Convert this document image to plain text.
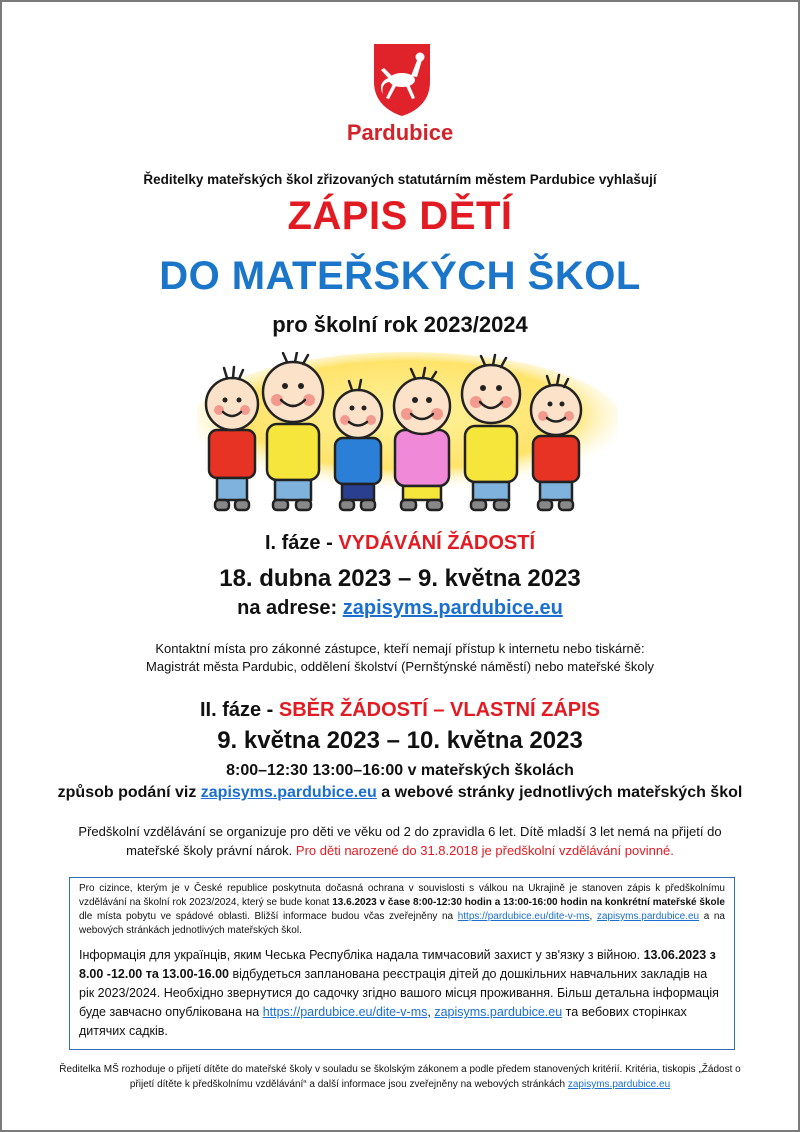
Pardubice
Ředitelky mateřských škol zřizovaných statutárním městem Pardubice vyhlašují
ZÁPIS DĚTÍ
DO MATEŘSKÝCH ŠKOL
pro školní rok 2023/2024
I. fáze - VYDÁVÁNÍ ŽÁDOSTÍ
18. dubna 2023 – 9. května 2023
na adrese: zapisyms.pardubice.eu
Kontaktní místa pro zákonné zástupce, kteří nemají přístup k internetu nebo tiskárně:
Magistrát města Pardubic, oddělení školství (Pernštýnské náměstí) nebo mateřské školy
II. fáze - SBĚR ŽÁDOSTÍ – VLASTNÍ ZÁPIS
9. května 2023 – 10. května 2023
8:00–12:30 13:00–16:00 v mateřských školách
způsob podání viz zapisyms.pardubice.eu a webové stránky jednotlivých mateřských škol
Předškolní vzdělávání se organizuje pro děti ve věku od 2 do zpravidla 6 let. Dítě mladší 3 let nemá na přijetí do mateřské školy právní nárok. Pro děti narozené do 31.8.2018 je předškolní vzdělávání povinné.
Pro cizince, kterým je v České republice poskytnuta dočasná ochrana v souvislosti s válkou na Ukrajině je stanoven zápis k předškolnímu vzdělávání na školní rok 2023/2024, který se bude konat 13.6.2023 v čase 8:00-12:30 hodin a 13:00-16:00 hodin na konkrétní mateřské škole dle místa pobytu ve spádové oblasti. Bližší informace budou včas zveřejněny na https://pardubice.eu/dite-v-ms, zapisyms.pardubice.eu a na webových stránkách jednotlivých mateřských škol.
Інформація для українців, яким Чеська Республіка надала тимчасовий захист у зв'язку з війною. 13.06.2023 з 8.00 -12.00 та 13.00-16.00 відбудеться запланована реєстрація дітей до дошкільних навчальних закладів на рік 2023/2024. Необхідно звернутися до садочку згідно вашого місця проживання. Більш детальна інформація буде завчасно опублікована на https://pardubice.eu/dite-v-ms, zapisyms.pardubice.eu та вебових сторінках дитячих садків.
Ředitelka MŠ rozhoduje o přijetí dítěte do mateřské školy v souladu se školským zákonem a podle předem stanovených kritérií. Kritéria, tiskopis „Žádost o přijetí dítěte k předškolnímu vzdělávání“ a další informace jsou zveřejněny na webových stránkách zapisyms.pardubice.eu
